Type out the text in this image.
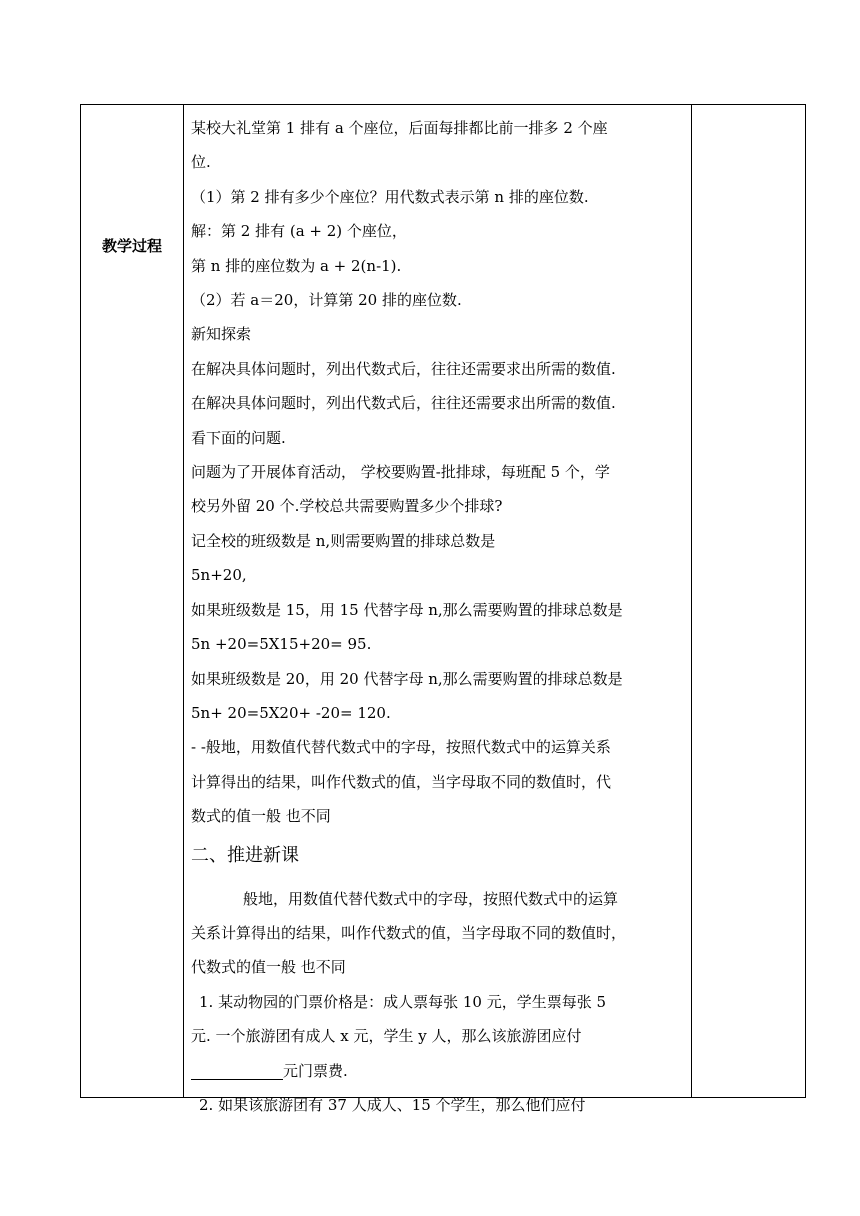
教学过程
某校大礼堂第 1 排有 a 个座位，后面每排都比前一排多 2 个座
位.
（1）第 2 排有多少个座位？用代数式表示第 n 排的座位数.
解：第 2 排有 (a + 2) 个座位，
第 n 排的座位数为 a + 2(n-1).
（2）若 a＝20，计算第 20 排的座位数.
新知探索
在解决具体问题时，列出代数式后，往往还需要求出所需的数值.
在解决具体问题时，列出代数式后，往往还需要求出所需的数值.
看下面的问题.
问题为了开展体育活动， 学校要购置-批排球，每班配 5 个，学
校另外留 20 个.学校总共需要购置多少个排球?
记全校的班级数是 n,则需要购置的排球总数是
5n+20,
如果班级数是 15，用 15 代替字母 n,那么需要购置的排球总数是
5n +20=5X15+20= 95.
如果班级数是 20，用 20 代替字母 n,那么需要购置的排球总数是
5n+ 20=5X20+ -20= 120.
- -般地，用数值代替代数式中的字母，按照代数式中的运算关系
计算得出的结果，叫作代数式的值，当字母取不同的数值时，代
数式的值一般 也不同
二、推进新课
般地，用数值代替代数式中的字母，按照代数式中的运算
关系计算得出的结果，叫作代数式的值，当字母取不同的数值时，
代数式的值一般 也不同
1. 某动物园的门票价格是：成人票每张 10 元，学生票每张 5
元. 一个旅游团有成人 x 元，学生 y 人，那么该旅游团应付
元门票费.
2. 如果该旅游团有 37 人成人、15 个学生，那么他们应付
